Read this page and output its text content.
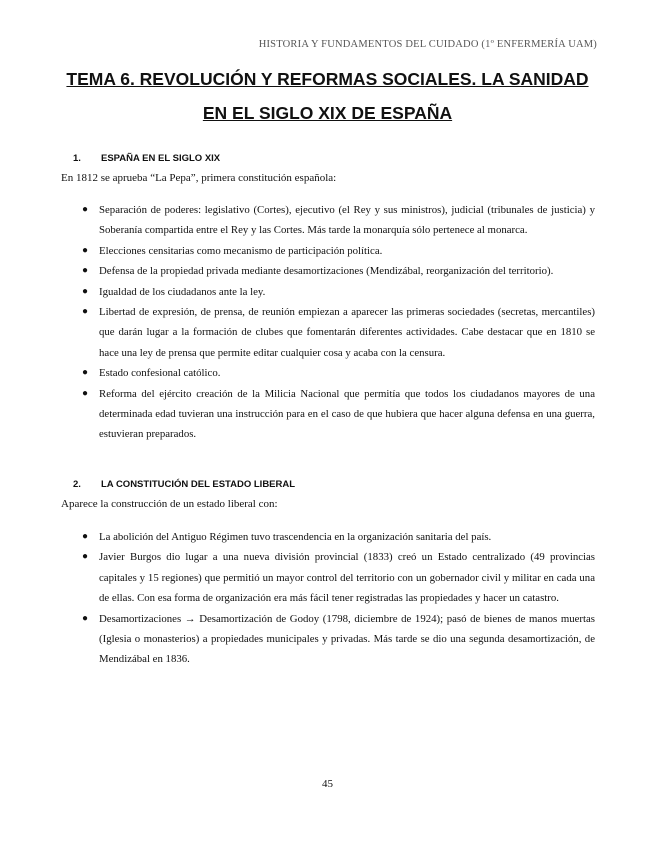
HISTORIA Y FUNDAMENTOS DEL CUIDADO (1º ENFERMERÍA UAM)
TEMA 6. REVOLUCIÓN Y REFORMAS SOCIALES. LA SANIDAD
EN EL SIGLO XIX DE ESPAÑA
1. ESPAÑA EN EL SIGLO XIX
En 1812 se aprueba “La Pepa”, primera constitución española:
● Separación de poderes: legislativo (Cortes), ejecutivo (el Rey y sus ministros), judicial (tribunales de justicia) y Soberanía compartida entre el Rey y las Cortes. Más tarde la monarquía sólo pertenece al monarca.
● Elecciones censitarias como mecanismo de participación política.
● Defensa de la propiedad privada mediante desamortizaciones (Mendizábal, reorganización del territorio).
● Igualdad de los ciudadanos ante la ley.
● Libertad de expresión, de prensa, de reunión empiezan a aparecer las primeras sociedades (secretas, mercantiles) que darán lugar a la formación de clubes que fomentarán diferentes actividades. Cabe destacar que en 1810 se hace una ley de prensa que permite editar cualquier cosa y acaba con la censura.
● Estado confesional católico.
● Reforma del ejército creación de la Milicia Nacional que permitía que todos los ciudadanos mayores de una determinada edad tuvieran una instrucción para en el caso de que hubiera que hacer alguna defensa en una guerra, estuvieran preparados.
2. LA CONSTITUCIÓN DEL ESTADO LIBERAL
Aparece la construcción de un estado liberal con:
● La abolición del Antiguo Régimen tuvo trascendencia en la organización sanitaria del país.
● Javier Burgos dio lugar a una nueva división provincial (1833) creó un Estado centralizado (49 provincias capitales y 15 regiones) que permitió un mayor control del territorio con un gobernador civil y militar en cada una de ellas. Con esa forma de organización era más fácil tener registradas las propiedades y hacer un catastro.
● Desamortizaciones → Desamortización de Godoy (1798, diciembre de 1924); pasó de bienes de manos muertas (Iglesia o monasterios) a propiedades municipales y privadas. Más tarde se dio una segunda desamortización, de Mendizábal en 1836.
45
